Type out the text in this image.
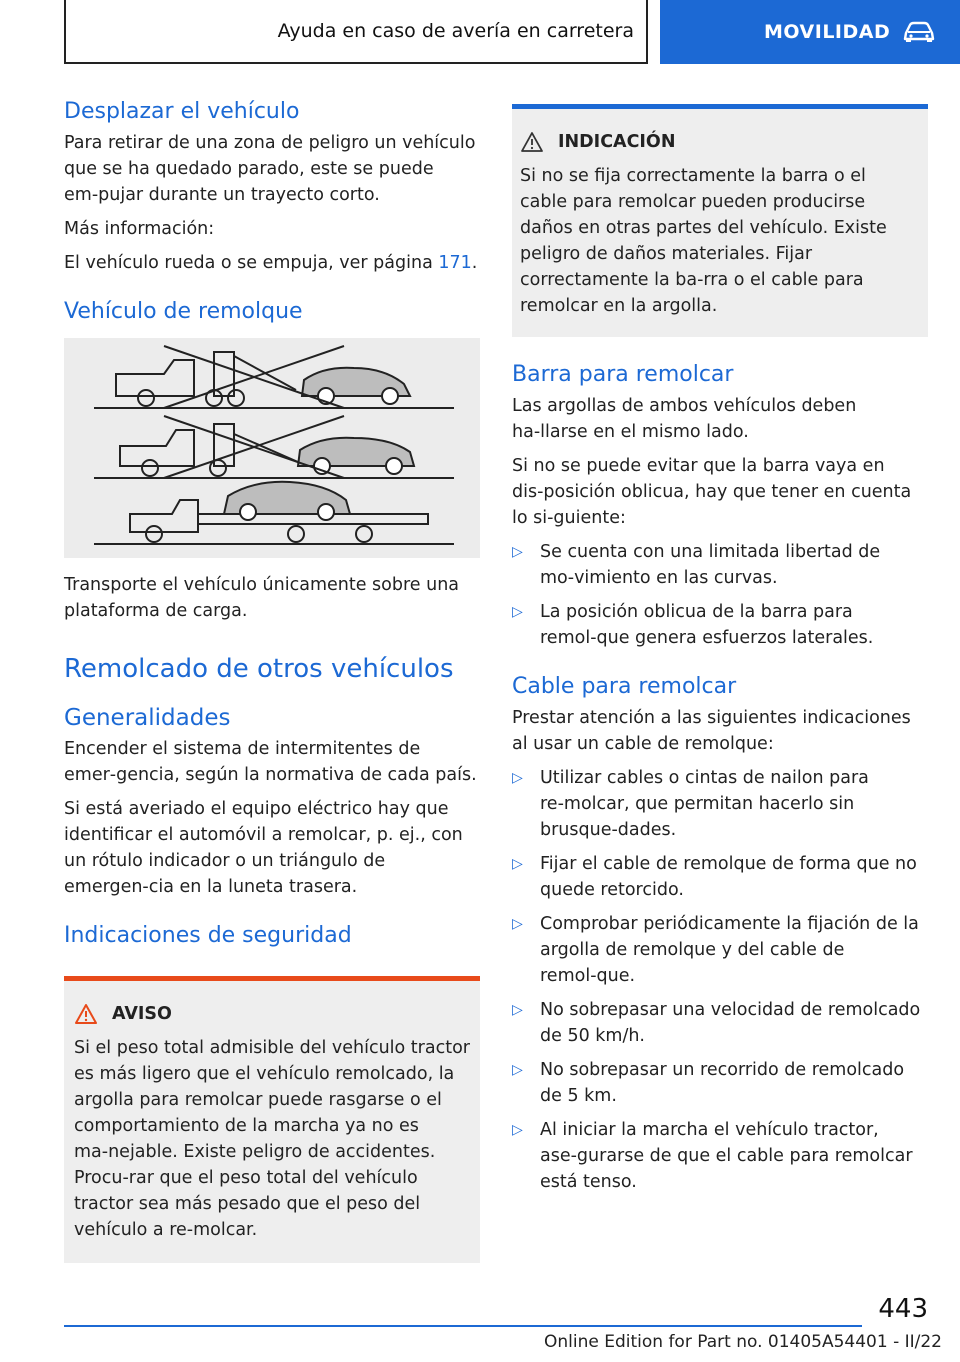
Ayuda en caso de avería en carretera	MOVILIDAD
Desplazar el vehículo

Para retirar de una zona de peligro un vehículo que se ha quedado parado, este se puede em‑pujar durante un trayecto corto.

Más información:

El vehículo rueda o se empuja, ver página 171.

Vehículo de remolque

Transporte el vehículo únicamente sobre una plataforma de carga.

Remolcado de otros vehículos
Generalidades

Encender el sistema de intermitentes de emer‑gencia, según la normativa de cada país.

Si está averiado el equipo eléctrico hay que identificar el automóvil a remolcar, p. ej., con un rótulo indicador o un triángulo de emergen‑cia en la luneta trasera.

Indicaciones de seguridad
AVISO

Si el peso total admisible del vehículo tractor es más ligero que el vehículo remolcado, la argolla para remolcar puede rasgarse o el comportamiento de la marcha ya no es ma‑nejable. Existe peligro de accidentes. Procu‑rar que el peso total del vehículo tractor sea más pesado que el peso del vehículo a re‑molcar.

INDICACIÓN

Si no se fija correctamente la barra o el cable para remolcar pueden producirse daños en otras partes del vehículo. Existe peligro de daños materiales. Fijar correctamente la ba‑rra o el cable para remolcar en la argolla.

Barra para remolcar

Las argollas de ambos vehículos deben ha‑llarse en el mismo lado.

Si no se puede evitar que la barra vaya en dis‑posición oblicua, hay que tener en cuenta lo si‑guiente:

▷ Se cuenta con una limitada libertad de mo‑vimiento en las curvas.
▷ La posición oblicua de la barra para remol‑que genera esfuerzos laterales.
Cable para remolcar

Prestar atención a las siguientes indicaciones al usar un cable de remolque:

▷ Utilizar cables o cintas de nailon para re‑molcar, que permitan hacerlo sin brusque‑dades.
▷ Fijar el cable de remolque de forma que no quede retorcido.
▷ Comprobar periódicamente la fijación de la argolla de remolque y del cable de remol‑que.
▷ No sobrepasar una velocidad de remolcado de 50 km/h.
▷ No sobrepasar un recorrido de remolcado de 5 km.
▷ Al iniciar la marcha el vehículo tractor, ase‑gurarse de que el cable para remolcar está tenso.
443
Online Edition for Part no. 01405A54401 - II/22
